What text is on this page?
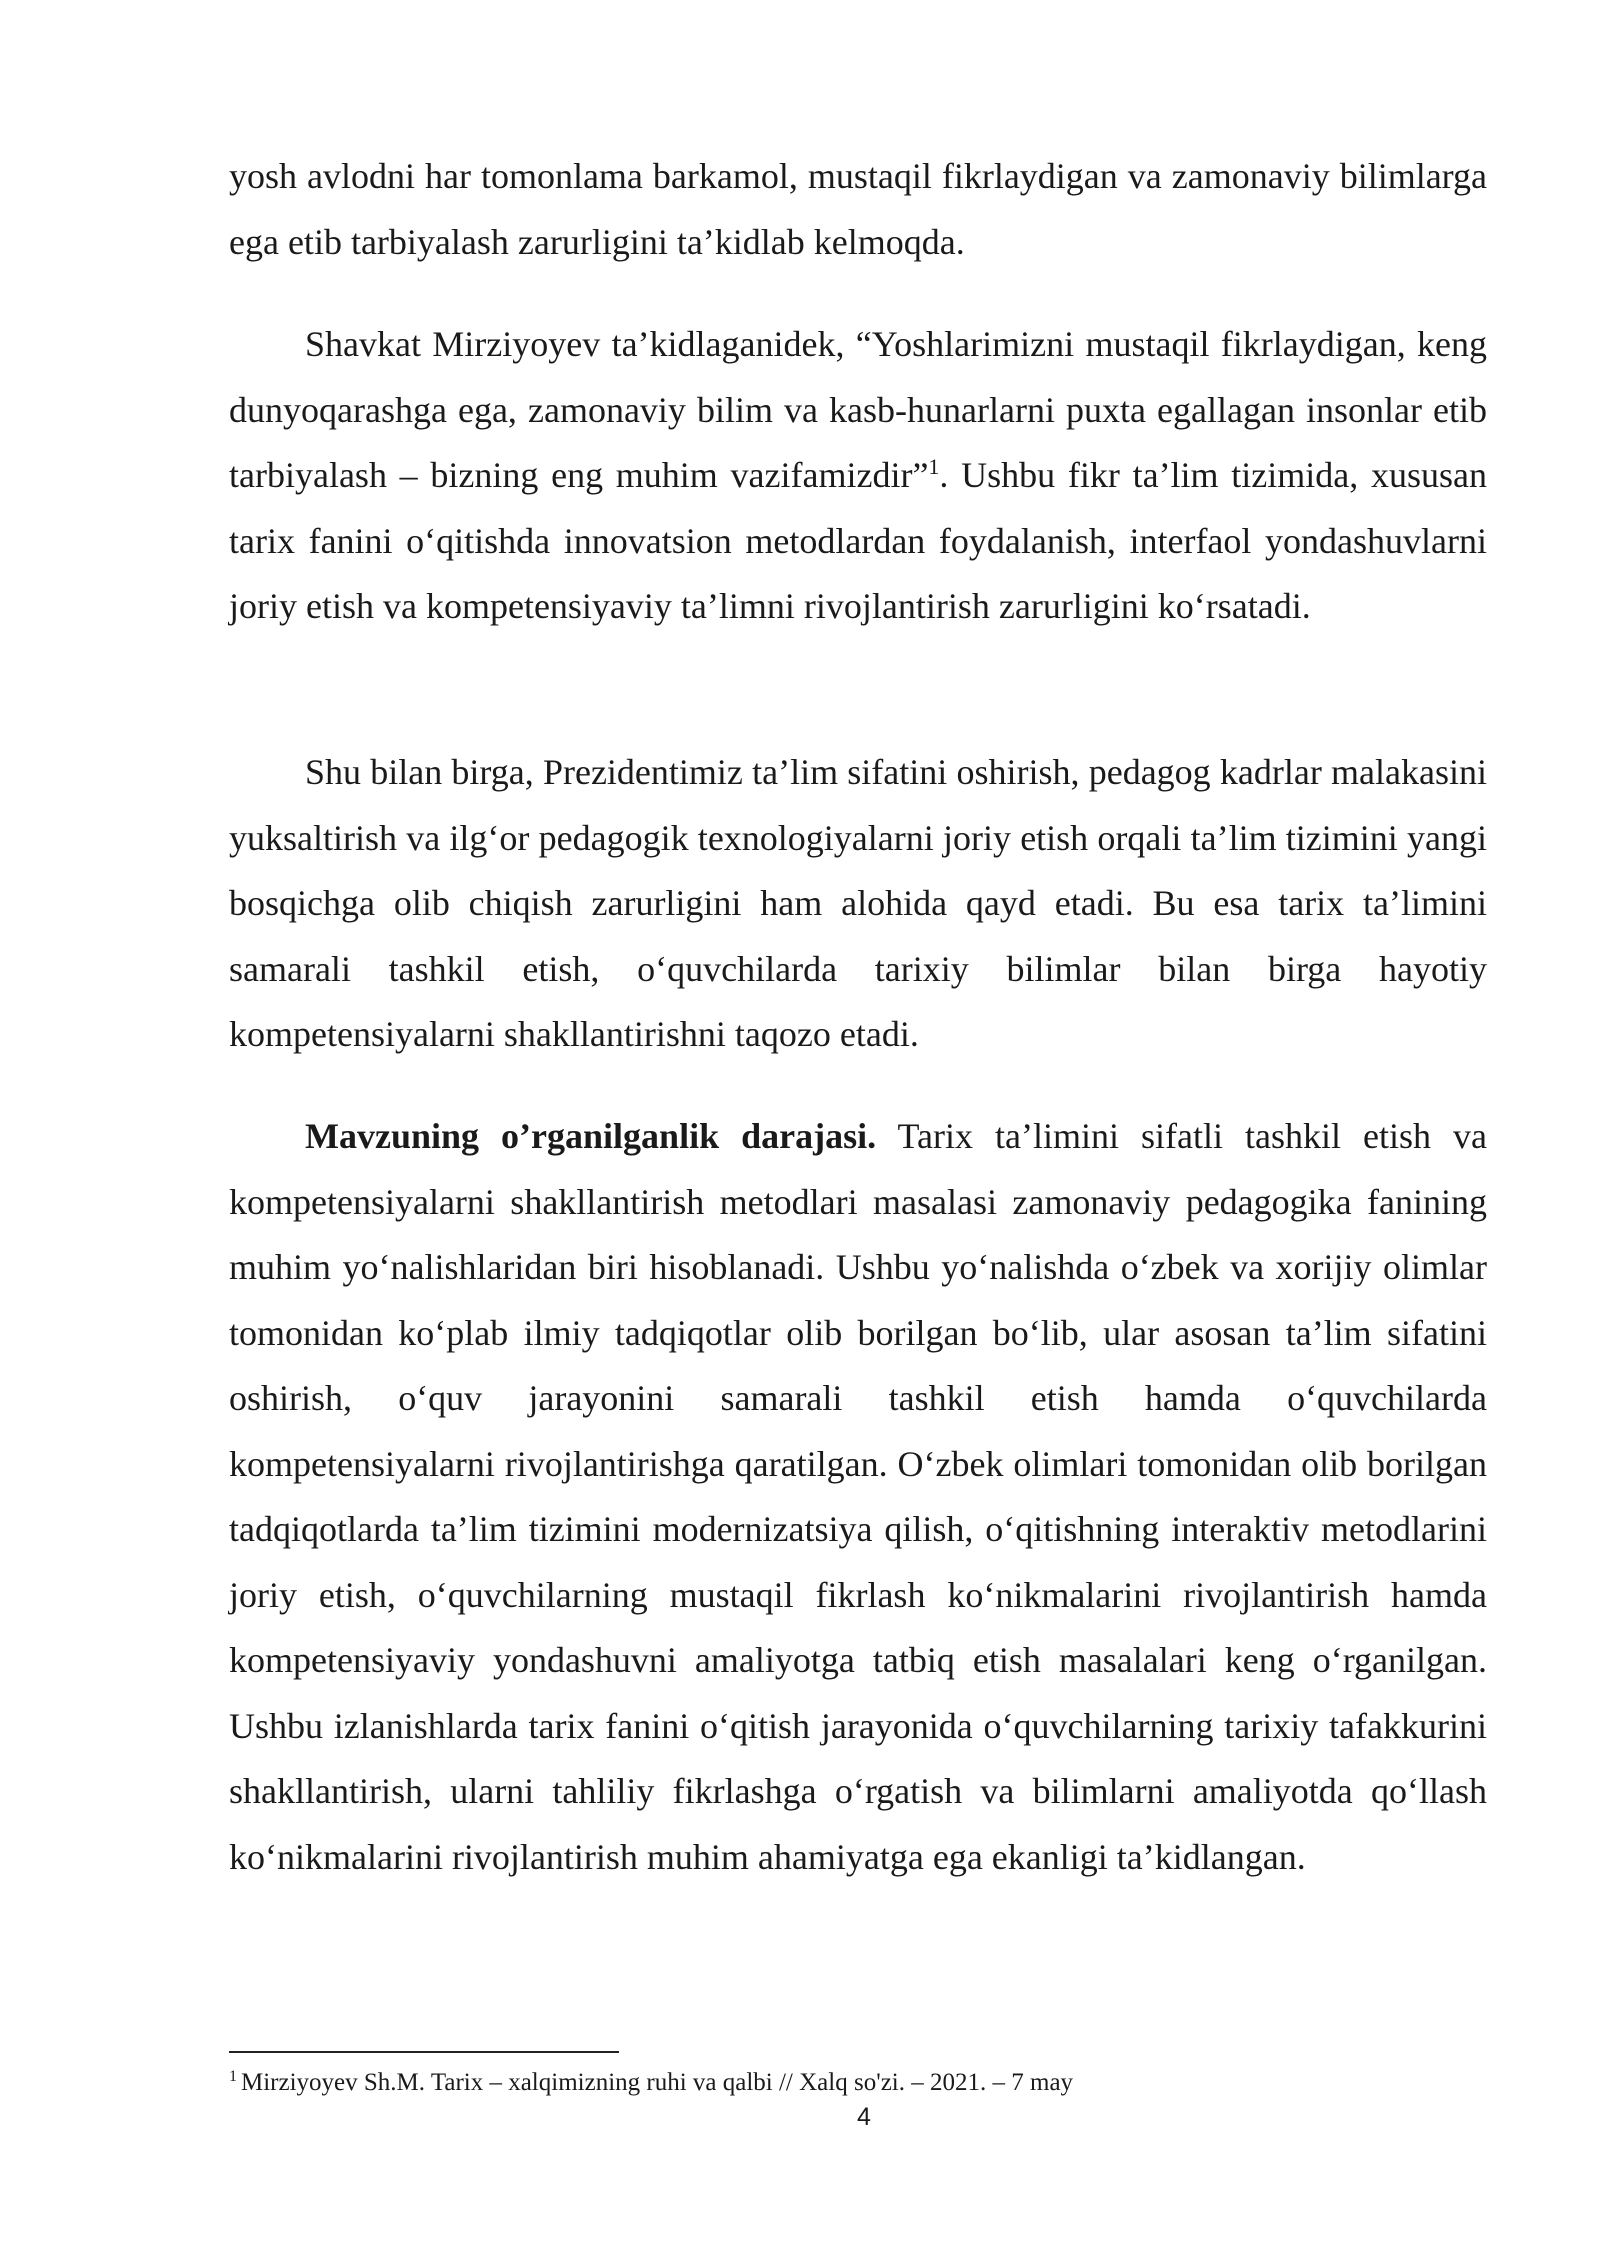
yosh avlodni har tomonlama barkamol, mustaqil fikrlaydigan va zamonaviy bilimlarga ega etib tarbiyalash zarurligini ta’kidlab kelmoqda.

Shavkat Mirziyoyev ta’kidlaganidek, “Yoshlarimizni mustaqil fikrlaydigan, keng dunyoqarashga ega, zamonaviy bilim va kasb-hunarlarni puxta egallagan insonlar etib tarbiyalash – bizning eng muhim vazifamizdir”$^1$. Ushbu fikr ta’lim tizimida, xususan tarix fanini o‘qitishda innovatsion metodlardan foydalanish, interfaol yondashuvlarni joriy etish va kompetensiyaviy ta’limni rivojlantirish zarurligini ko‘rsatadi.

Shu bilan birga, Prezidentimiz ta’lim sifatini oshirish, pedagog kadrlar malakasini yuksaltirish va ilg‘or pedagogik texnologiyalarni joriy etish orqali ta’lim tizimini yangi bosqichga olib chiqish zarurligini ham alohida qayd etadi. Bu esa tarix ta’limini samarali tashkil etish, o‘quvchilarda tarixiy bilimlar bilan birga hayotiy kompetensiyalarni shakllantirishni taqozo etadi.

Mavzuning o’rganilganlik darajasi. Tarix ta’limini sifatli tashkil etish va kompetensiyalarni shakllantirish metodlari masalasi zamonaviy pedagogika fanining muhim yo‘nalishlaridan biri hisoblanadi. Ushbu yo‘nalishda o‘zbek va xorijiy olimlar tomonidan ko‘plab ilmiy tadqiqotlar olib borilgan bo‘lib, ular asosan ta’lim sifatini oshirish, o‘quv jarayonini samarali tashkil etish hamda o‘quvchilarda kompetensiyalarni rivojlantirishga qaratilgan. O‘zbek olimlari tomonidan olib borilgan tadqiqotlarda ta’lim tizimini modernizatsiya qilish, o‘qitishning interaktiv metodlarini joriy etish, o‘quvchilarning mustaqil fikrlash ko‘nikmalarini rivojlantirish hamda kompetensiyaviy yondashuvni amaliyotga tatbiq etish masalalari keng o‘rganilgan. Ushbu izlanishlarda tarix fanini o‘qitish jarayonida o‘quvchilarning tarixiy tafakkurini shakllantirish, ularni tahliliy fikrlashga o‘rgatish va bilimlarni amaliyotda qo‘llash ko‘nikmalarini rivojlantirish muhim ahamiyatga ega ekanligi ta’kidlangan.

$^1$ Mirziyoyev Sh.M. Tarix – xalqimizning ruhi va qalbi // Xalq so'zi. – 2021. – 7 may

4
